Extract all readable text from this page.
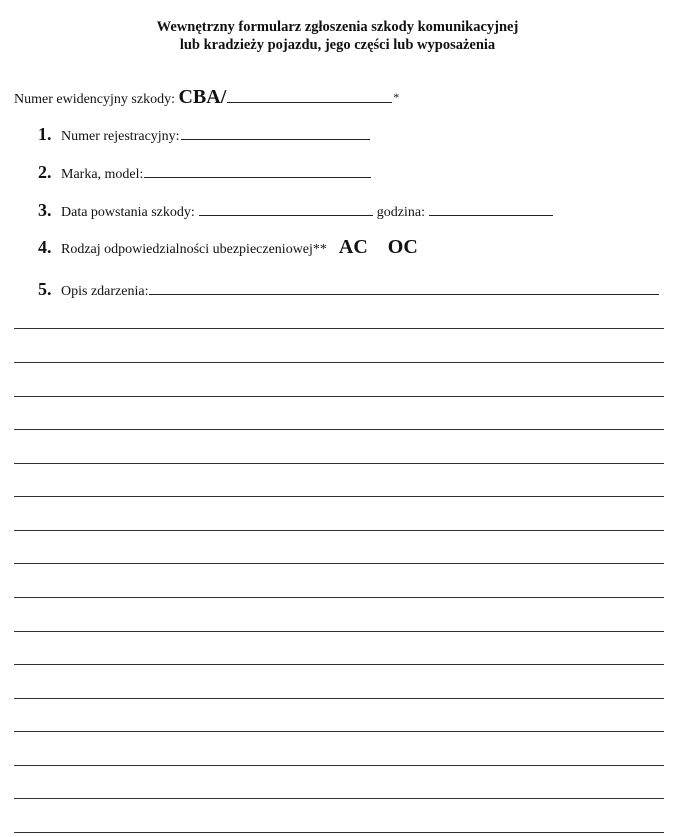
Wewnętrzny formularz zgłoszenia szkody komunikacyjnej
lub kradzieży pojazdu, jego części lub wyposażenia
Numer ewidencyjny szkody: CBA/	*
1. Numer rejestracyjny:
2. Marka, model:
3. Data powstania szkody:	godzina:
4. Rodzaj odpowiedzialności ubezpieczeniowej** AC OC
5. Opis zdarzenia:
